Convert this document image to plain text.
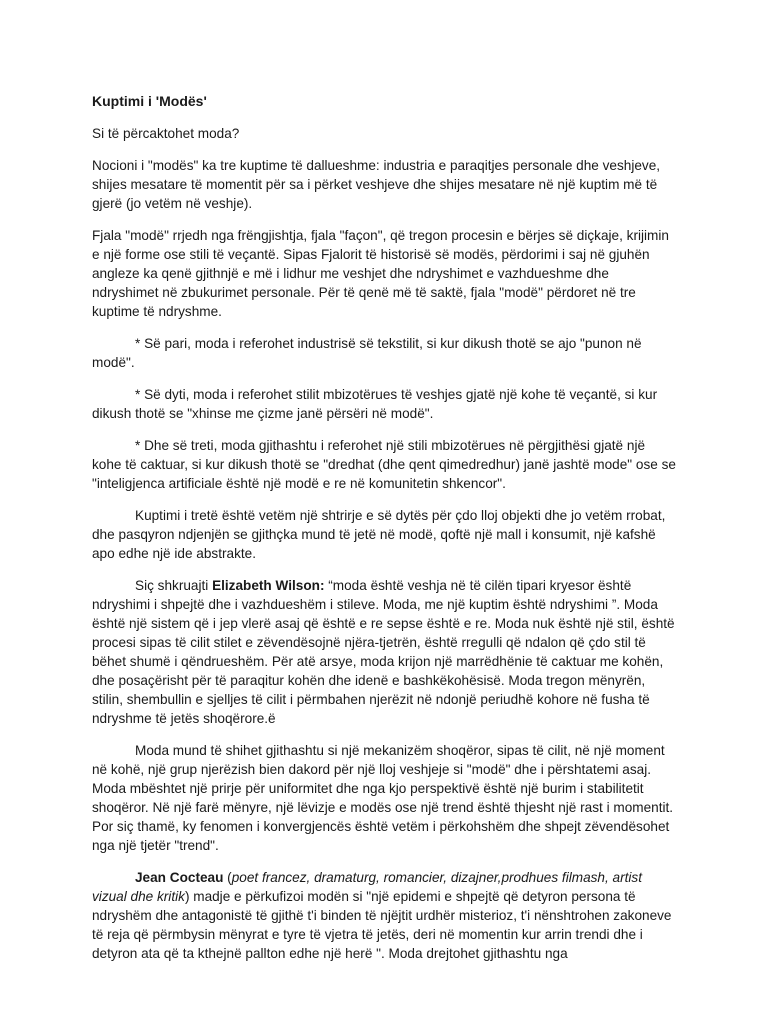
Kuptimi i 'Modës'

Si të përcaktohet moda?

Nocioni i "modës" ka tre kuptime të dallueshme: industria e paraqitjes personale dhe veshjeve, shijes mesatare të momentit për sa i përket veshjeve dhe shijes mesatare në një kuptim më të gjerë (jo vetëm në veshje).

Fjala "modë" rrjedh nga frëngjishtja, fjala "façon", që tregon procesin e bërjes së diçkaje, krijimin e një forme ose stili të veçantë. Sipas Fjalorit të historisë së modës, përdorimi i saj në gjuhën angleze ka qenë gjithnjë e më i lidhur me veshjet dhe ndryshimet e vazhdueshme dhe ndryshimet në zbukurimet personale. Për të qenë më të saktë, fjala "modë" përdoret në tre kuptime të ndryshme.

* Së pari, moda i referohet industrisë së tekstilit, si kur dikush thotë se ajo "punon në modë".

* Së dyti, moda i referohet stilit mbizotërues të veshjes gjatë një kohe të veçantë, si kur dikush thotë se "xhinse me çizme janë përsëri në modë".

* Dhe së treti, moda gjithashtu i referohet një stili mbizotërues në përgjithësi gjatë një kohe të caktuar, si kur dikush thotë se "dredhat (dhe qent qimedredhur) janë jashtë mode" ose se "inteligjenca artificiale është një modë e re në komunitetin shkencor".

Kuptimi i tretë është vetëm një shtrirje e së dytës për çdo lloj objekti dhe jo vetëm rrobat, dhe pasqyron ndjenjën se gjithçka mund të jetë në modë, qoftë një mall i konsumit, një kafshë apo edhe një ide abstrakte.

Siç shkruajti Elizabeth Wilson: “moda është veshja në të cilën tipari kryesor është ndryshimi i shpejtë dhe i vazhdueshëm i stileve. Moda, me një kuptim është ndryshimi ”. Moda është një sistem që i jep vlerë asaj që është e re sepse është e re. Moda nuk është një stil, është procesi sipas të cilit stilet e zëvendësojnë njëra-tjetrën, është rregulli që ndalon që çdo stil të bëhet shumë i qëndrueshëm. Për atë arsye, moda krijon një marrëdhënie të caktuar me kohën, dhe posaçërisht për të paraqitur kohën dhe idenë e bashkëkohësisë. Moda tregon mënyrën, stilin, shembullin e sjelljes të cilit i përmbahen njerëzit në ndonjë periudhë kohore në fusha të ndryshme të jetës shoqërore.ë

Moda mund të shihet gjithashtu si një mekanizëm shoqëror, sipas të cilit, në një moment në kohë, një grup njerëzish bien dakord për një lloj veshjeje si "modë" dhe i përshtatemi asaj. Moda mbështet një prirje për uniformitet dhe nga kjo perspektivë është një burim i stabilitetit shoqëror. Në një farë mënyre, një lëvizje e modës ose një trend është thjesht një rast i momentit. Por siç thamë, ky fenomen i konvergjencës është vetëm i përkohshëm dhe shpejt zëvendësohet nga një tjetër "trend".

Jean Cocteau (poet francez, dramaturg, romancier, dizajner,prodhues filmash, artist vizual dhe kritik) madje e përkufizoi modën si "një epidemi e shpejtë që detyron persona të ndryshëm dhe antagonistë të gjithë t'i binden të njëjtit urdhër misterioz, t'i nënshtrohen zakoneve të reja që përmbysin mënyrat e tyre të vjetra të jetës, deri në momentin kur arrin trendi dhe i detyron ata që ta kthejnë pallton edhe një herë ". Moda drejtohet gjithashtu nga
